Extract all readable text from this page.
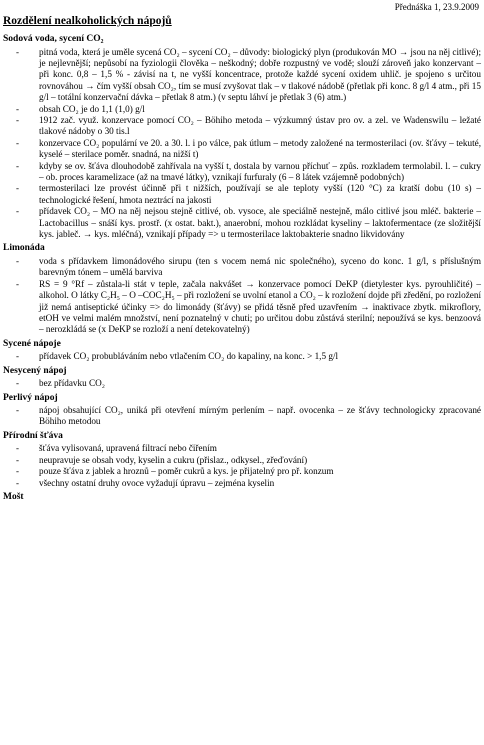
Přednáška 1, 23.9.2009
Rozdělení nealkoholických nápojů
Sodová voda, sycení CO₂
- pitná voda, která je uměle sycená CO₂ – sycení CO₂ – důvody: biologický plyn (produkován MO → jsou na něj citlivé); je nejlevnější; nepůsobí na fyziologii člověka – neškodný; dobře rozpustný ve vodě; slouží zároveň jako konzervant – při konc. 0,8 – 1,5 % - závisí na t, ne vyšší koncentrace, protože každé sycení oxidem uhlič. je spojeno s určitou rovnováhou → čím vyšší obsah CO₂, tím se musí zvyšovat tlak – v tlakové nádobě (přetlak při konc. 8 g/l 4 atm., při 15 g/l – totální konzervační dávka – přetlak 8 atm.) (v septu láhví je přetlak 3 (6) atm.)
- obsah CO₂ je do 1,1 (1,0) g/l
- 1912 zač. využ. konzervace pomocí CO₂ – Böhiho metoda – výzkumný ústav pro ov. a zel. ve Wadenswilu – ležaté tlakové nádoby o 30 tis.l
- konzervace CO₂ populární ve 20. a 30. l. i po válce, pak útlum – metody založené na termosterilaci (ov. šťávy – tekuté, kyselé – sterilace poměr. snadná, na nižší t)
- kdyby se ov. šťáva dlouhodobě zahřívala na vyšší t, dostala by varnou příchuť – způs. rozkladem termolabil. l. – cukry – ob. proces karamelizace (až na tmavé látky), vznikají furfuraly (6 – 8 látek vzájemně podobných)
- termosterilaci lze provést účinně při t nižších, používají se ale teploty vyšší (120 °C) za kratší dobu (10 s) – technologické řešení, hmota neztrácí na jakosti
- přídavek CO₂ – MO na něj nejsou stejně citlivé, ob. vysoce, ale speciálně nestejně, málo citlivé jsou mléč. bakterie – Lactobacillus – snáší kys. prostř. (x ostat. bakt.), anaerobní, mohou rozkládat kyseliny – laktofermentace (ze složitější kys. jableč. → kys. mléčná), vznikají případy => u termosterilace laktobakterie snadno likvidovány
Limonáda
- voda s přídavkem limonádového sirupu (ten s vocem nemá nic společného), syceno do konc. 1 g/l, s příslušným barevným tónem – umělá barviva
- RS = 9 °Rf – zůstala-li stát v teple, začala nakvášet → konzervace pomocí DeKP (dietylester kys. pyrouhličité) – alkohol. O látky C₂H₅ – O –COC₂H₅ – při rozložení se uvolní etanol a CO₂ – k rozložení dojde při zředění, po rozložení již nemá antiseptické účinky => do limonády (šťávy) se přidá těsně před uzavřením → inaktivace zbytk. mikroflory, etOH ve velmi malém množství, není poznatelný v chuti; po určitou dobu zůstává sterilní; nepoužívá se kys. benzoová – nerozkládá se (x DeKP se rozloží a není detekovatelný)
Sycené nápoje
- přídavek CO₂ probubláváním nebo vtlačením CO₂ do kapaliny, na konc. > 1,5 g/l
Nesycený nápoj
- bez přídavku CO₂
Perlivý nápoj
- nápoj obsahující CO₂, uniká při otevření mírným perlením – např. ovocenka – ze šťávy technologicky zpracované Böhiho metodou
Přírodní šťáva
- šťáva vylisovaná, upravená filtrací nebo čiřením
- neupravuje se obsah vody, kyselin a cukru (přislaz., odkysel., zřeďování)
- pouze šťáva z jablek a hroznů – poměr cukrů a kys. je přijatelný pro př. konzum
- všechny ostatní druhy ovoce vyžadují úpravu – zejména kyselin
Mošt
